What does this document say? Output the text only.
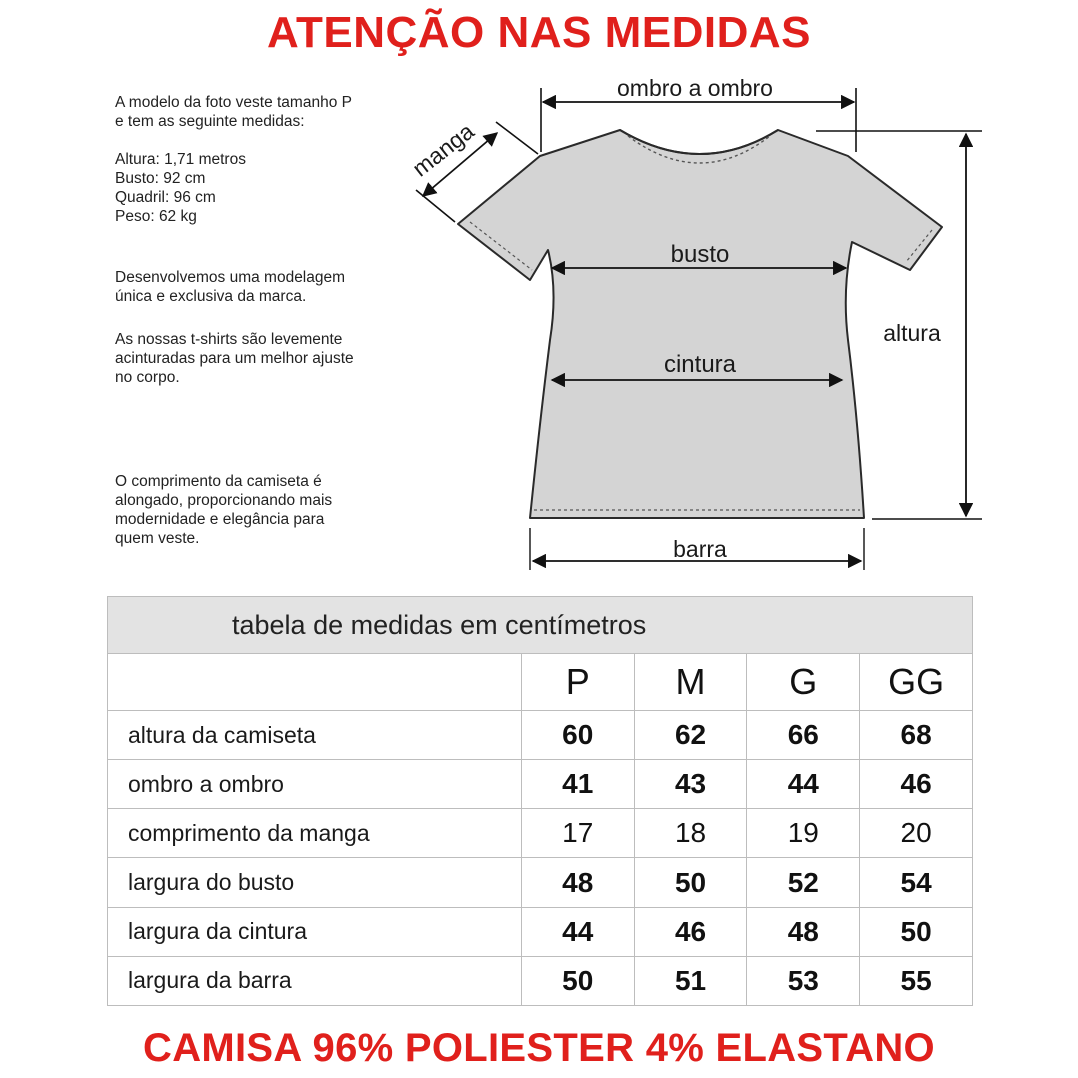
ATENÇÃO NAS MEDIDAS

A modelo da foto veste tamanho P

e tem as seguinte medidas:

Altura: 1,71 metros

Busto: 92 cm

Quadril: 96 cm

Peso: 62 kg

Desenvolvemos uma modelagem

única e exclusiva da marca.

As nossas t-shirts são levemente

acinturadas para um melhor ajuste

no corpo.

O comprimento da camiseta é

alongado, proporcionando mais

modernidade e elegância para

quem veste.

ombro a ombro
manga
busto
cintura
altura
barra
tabela de medidas em centímetros				
	P	M	G	GG
altura da camiseta	60	62	66	68
ombro a ombro	41	43	44	46
comprimento da manga	17	18	19	20
largura do busto	48	50	52	54
largura da cintura	44	46	48	50
largura da barra	50	51	53	55
CAMISA 96% POLIESTER 4% ELASTANO
